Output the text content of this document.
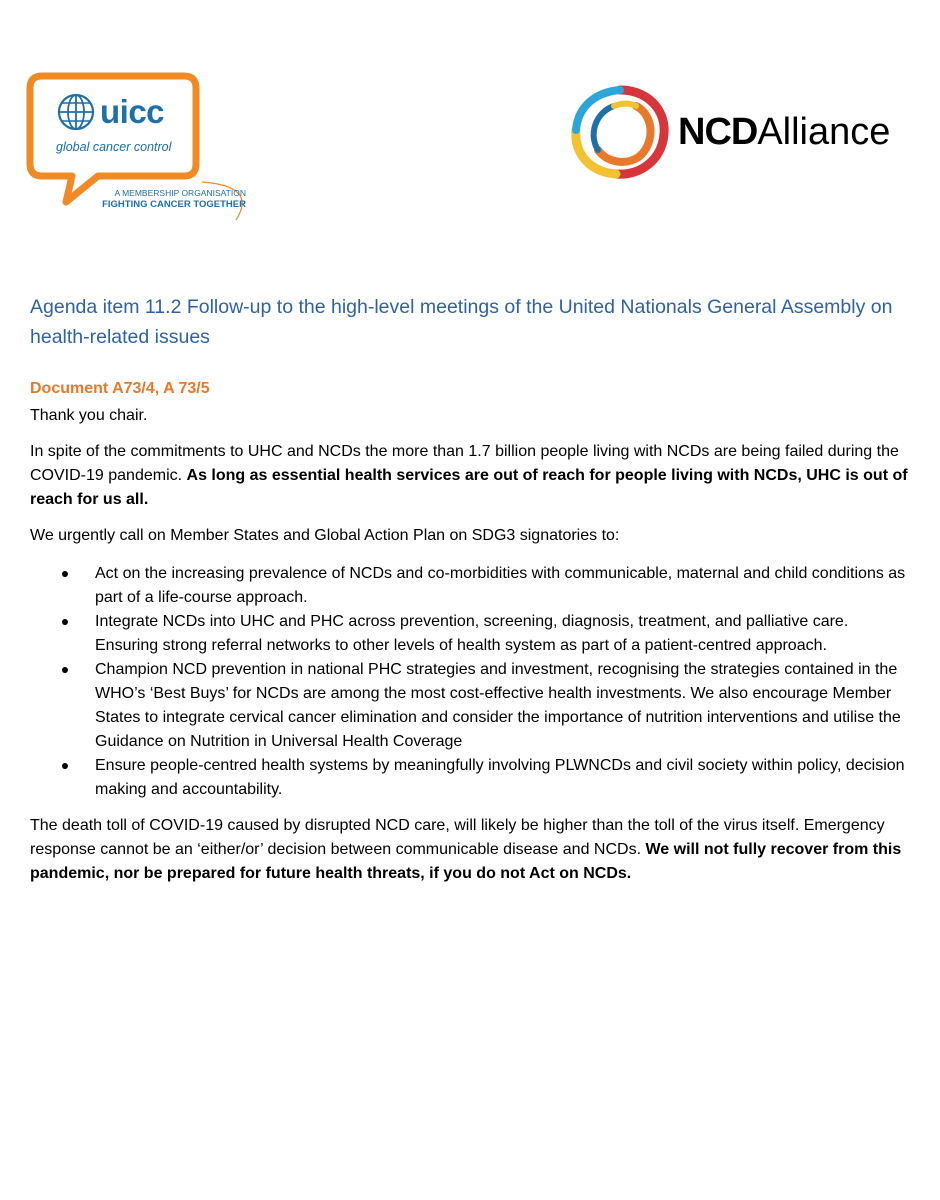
uicc
global cancer control
A MEMBERSHIP ORGANISATION
FIGHTING CANCER TOGETHER
NCDAlliance
Agenda item 11.2 Follow-up to the high-level meetings of the United Nationals General Assembly on health-related issues
Document A73/4, A 73/5

Thank you chair.

In spite of the commitments to UHC and NCDs the more than 1.7 billion people living with NCDs are being failed during the COVID-19 pandemic. As long as essential health services are out of reach for people living with NCDs, UHC is out of reach for us all.

We urgently call on Member States and Global Action Plan on SDG3 signatories to:

Act on the increasing prevalence of NCDs and co-morbidities with communicable, maternal and child conditions as part of a life-course approach.
Integrate NCDs into UHC and PHC across prevention, screening, diagnosis, treatment, and palliative care. Ensuring strong referral networks to other levels of health system as part of a patient-centred approach.
Champion NCD prevention in national PHC strategies and investment, recognising the strategies contained in the WHO’s ‘Best Buys’ for NCDs are among the most cost-effective health investments. We also encourage Member States to integrate cervical cancer elimination and consider the importance of nutrition interventions and utilise the Guidance on Nutrition in Universal Health Coverage
Ensure people-centred health systems by meaningfully involving PLWNCDs and civil society within policy, decision making and accountability.

The death toll of COVID-19 caused by disrupted NCD care, will likely be higher than the toll of the virus itself. Emergency response cannot be an ‘either/or’ decision between communicable disease and NCDs. We will not fully recover from this pandemic, nor be prepared for future health threats, if you do not Act on NCDs.
